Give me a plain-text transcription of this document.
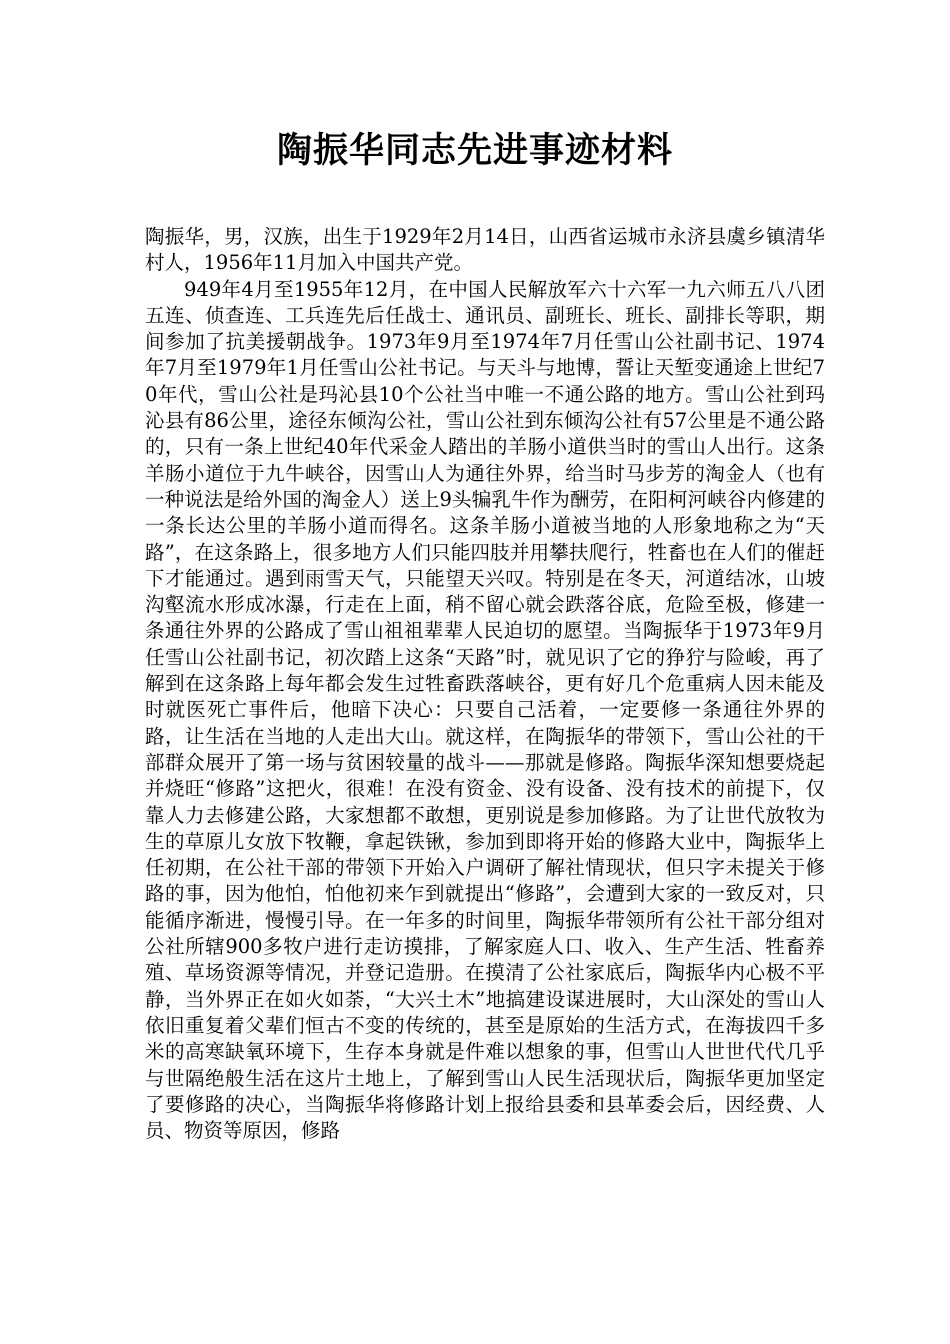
陶振华同志先进事迹材料

陶振华，男，汉族，出生于1929年2月14日，山西省运城市永济县虞乡镇清华村人，1956年11月加入中国共产党。

949年4月至1955年12月，在中国人民解放军六十六军一九六师五八八团五连、侦查连、工兵连先后任战士、通讯员、副班长、班长、副排长等职，期间参加了抗美援朝战争。1973年9月至1974年7月任雪山公社副书记、1974年7月至1979年1月任雪山公社书记。与天斗与地博，誓让天堑变通途上世纪70年代，雪山公社是玛沁县10个公社当中唯一不通公路的地方。雪山公社到玛沁县有86公里，途径东倾沟公社，雪山公社到东倾沟公社有57公里是不通公路的，只有一条上世纪40年代采金人踏出的羊肠小道供当时的雪山人出行。这条羊肠小道位于九牛峡谷，因雪山人为通往外界，给当时马步芳的淘金人（也有一种说法是给外国的淘金人）送上9头犏乳牛作为酬劳，在阳柯河峡谷内修建的一条长达公里的羊肠小道而得名。这条羊肠小道被当地的人形象地称之为“天路”，在这条路上，很多地方人们只能四肢并用攀扶爬行，牲畜也在人们的催赶下才能通过。遇到雨雪天气，只能望天兴叹。特别是在冬天，河道结冰，山坡沟壑流水形成冰瀑，行走在上面，稍不留心就会跌落谷底，危险至极，修建一条通往外界的公路成了雪山祖祖辈辈人民迫切的愿望。当陶振华于1973年9月任雪山公社副书记，初次踏上这条“天路”时，就见识了它的狰狞与险峻，再了解到在这条路上每年都会发生过牲畜跌落峡谷，更有好几个危重病人因未能及时就医死亡事件后，他暗下决心：只要自己活着，一定要修一条通往外界的路，让生活在当地的人走出大山。就这样，在陶振华的带领下，雪山公社的干部群众展开了第一场与贫困较量的战斗——那就是修路。陶振华深知想要烧起并烧旺“修路”这把火，很难！在没有资金、没有设备、没有技术的前提下，仅靠人力去修建公路，大家想都不敢想，更别说是参加修路。为了让世代放牧为生的草原儿女放下牧鞭，拿起铁锹，参加到即将开始的修路大业中，陶振华上任初期，在公社干部的带领下开始入户调研了解社情现状，但只字未提关于修路的事，因为他怕，怕他初来乍到就提出“修路”，会遭到大家的一致反对，只能循序渐进，慢慢引导。在一年多的时间里，陶振华带领所有公社干部分组对公社所辖900多牧户进行走访摸排，了解家庭人口、收入、生产生活、牲畜养殖、草场资源等情况，并登记造册。在摸清了公社家底后，陶振华内心极不平静，当外界正在如火如荼，“大兴土木”地搞建设谋进展时，大山深处的雪山人依旧重复着父辈们恒古不变的传统的，甚至是原始的生活方式，在海拔四千多米的高寒缺氧环境下，生存本身就是件难以想象的事，但雪山人世世代代几乎与世隔绝般生活在这片土地上，了解到雪山人民生活现状后，陶振华更加坚定了要修路的决心，当陶振华将修路计划上报给县委和县革委会后，因经费、人员、物资等原因，修路
